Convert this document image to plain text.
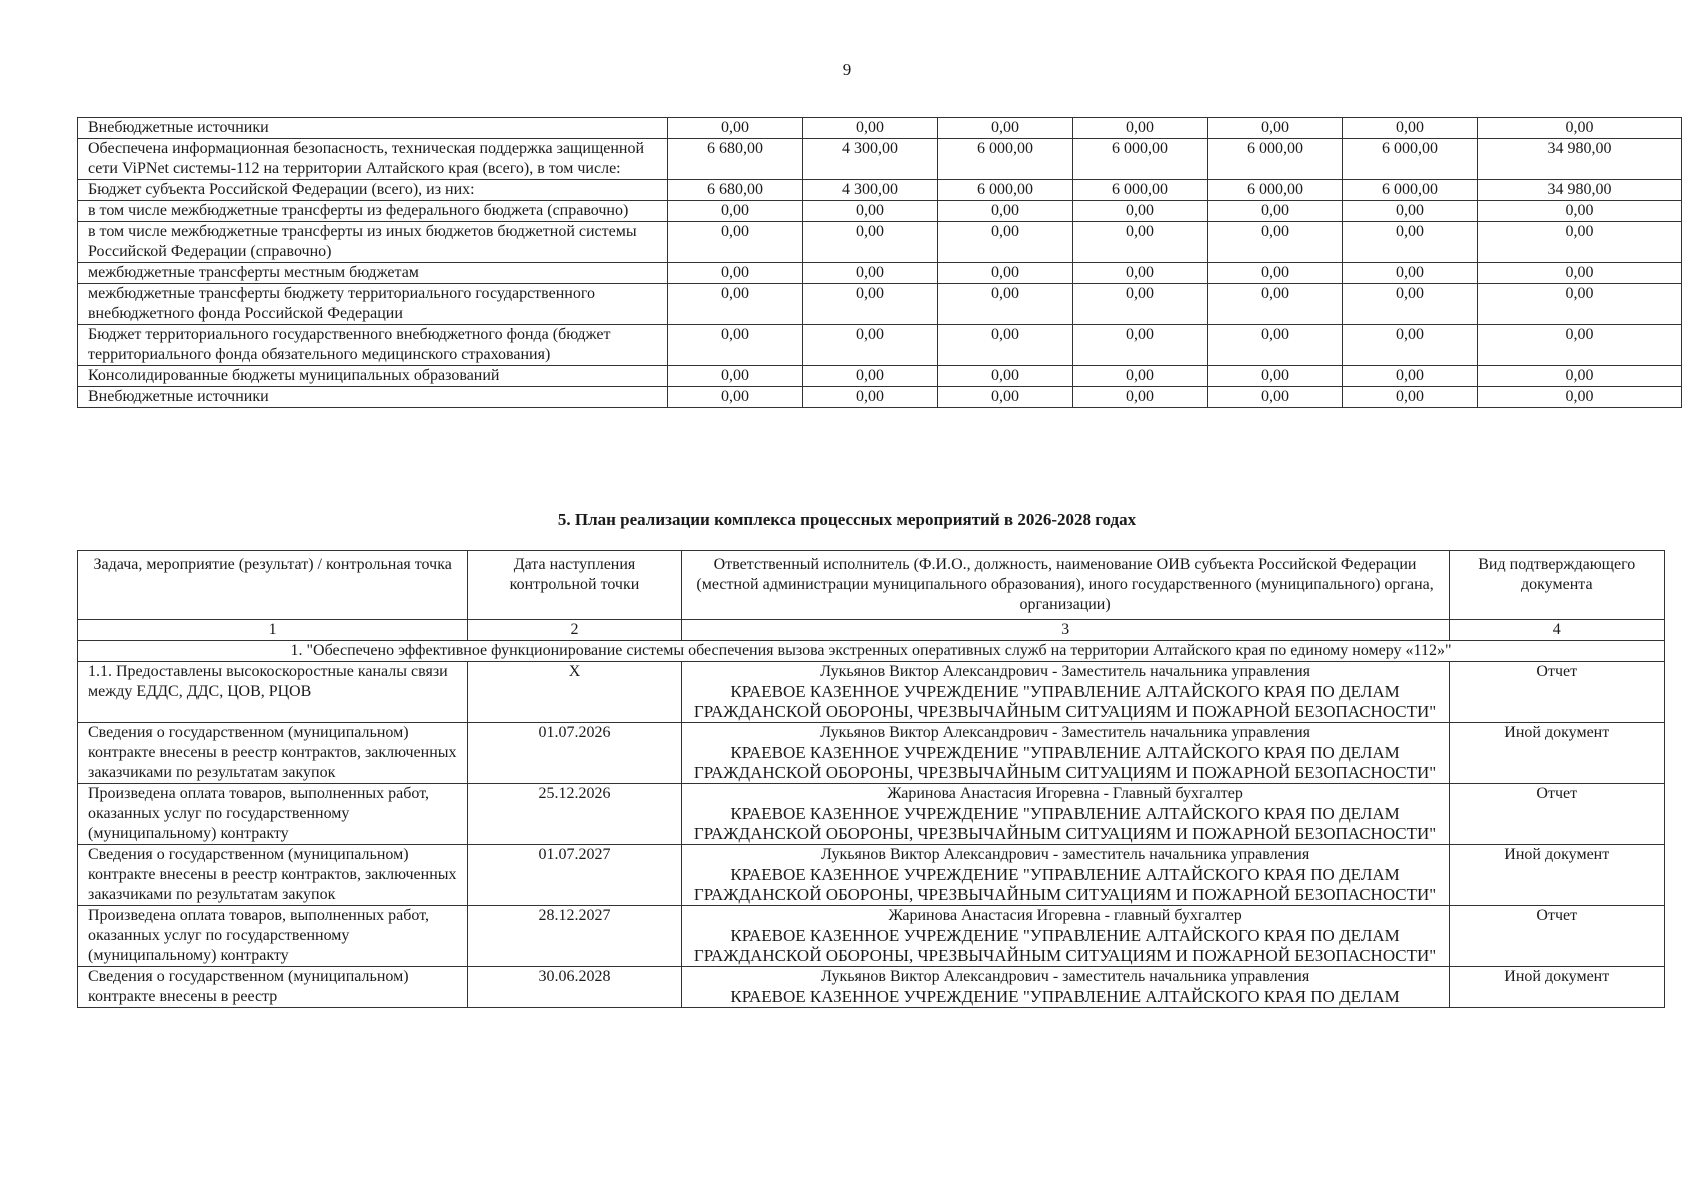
9
Внебюджетные источники	0,00	0,00	0,00	0,00	0,00	0,00	0,00
Обеспечена информационная безопасность, техническая поддержка защищенной сети ViPNet системы-112 на территории Алтайского края (всего), в том числе:	6 680,00	4 300,00	6 000,00	6 000,00	6 000,00	6 000,00	34 980,00
Бюджет субъекта Российской Федерации (всего), из них:	6 680,00	4 300,00	6 000,00	6 000,00	6 000,00	6 000,00	34 980,00
в том числе межбюджетные трансферты из федерального бюджета (справочно)	0,00	0,00	0,00	0,00	0,00	0,00	0,00
в том числе межбюджетные трансферты из иных бюджетов бюджетной системы Российской Федерации (справочно)	0,00	0,00	0,00	0,00	0,00	0,00	0,00
межбюджетные трансферты местным бюджетам	0,00	0,00	0,00	0,00	0,00	0,00	0,00
межбюджетные трансферты бюджету территориального государственного внебюджетного фонда Российской Федерации	0,00	0,00	0,00	0,00	0,00	0,00	0,00
Бюджет территориального государственного внебюджетного фонда (бюджет территориального фонда обязательного медицинского страхования)	0,00	0,00	0,00	0,00	0,00	0,00	0,00
Консолидированные бюджеты муниципальных образований	0,00	0,00	0,00	0,00	0,00	0,00	0,00
Внебюджетные источники	0,00	0,00	0,00	0,00	0,00	0,00	0,00
5. План реализации комплекса процессных мероприятий в 2026-2028 годах
Задача, мероприятие (результат) / контрольная точка	Дата наступления контрольной точки	Ответственный исполнитель (Ф.И.О., должность, наименование ОИВ субъекта Российской Федерации (местной администрации муниципального образования), иного государственного (муниципального) органа, организации)	Вид подтверждающего документа
1	2	3	4
1. "Обеспечено эффективное функционирование системы обеспечения вызова экстренных оперативных служб на территории Алтайского края по единому номеру «112»"			
1.1. Предоставлены высокоскоростные каналы связи между ЕДДС, ДДС, ЦОВ, РЦОВ	X	Лукьянов Виктор Александрович - Заместитель начальника управления
КРАЕВОЕ КАЗЕННОЕ УЧРЕЖДЕНИЕ "УПРАВЛЕНИЕ АЛТАЙСКОГО КРАЯ ПО ДЕЛАМ ГРАЖДАНСКОЙ ОБОРОНЫ, ЧРЕЗВЫЧАЙНЫМ СИТУАЦИЯМ И ПОЖАРНОЙ БЕЗОПАСНОСТИ"	Отчет
Сведения о государственном (муниципальном) контракте внесены в реестр контрактов, заключенных заказчиками по результатам закупок	01.07.2026	Лукьянов Виктор Александрович - Заместитель начальника управления
КРАЕВОЕ КАЗЕННОЕ УЧРЕЖДЕНИЕ "УПРАВЛЕНИЕ АЛТАЙСКОГО КРАЯ ПО ДЕЛАМ ГРАЖДАНСКОЙ ОБОРОНЫ, ЧРЕЗВЫЧАЙНЫМ СИТУАЦИЯМ И ПОЖАРНОЙ БЕЗОПАСНОСТИ"	Иной документ
Произведена оплата товаров, выполненных работ, оказанных услуг по государственному (муниципальному) контракту	25.12.2026	Жаринова Анастасия Игоревна - Главный бухгалтер
КРАЕВОЕ КАЗЕННОЕ УЧРЕЖДЕНИЕ "УПРАВЛЕНИЕ АЛТАЙСКОГО КРАЯ ПО ДЕЛАМ ГРАЖДАНСКОЙ ОБОРОНЫ, ЧРЕЗВЫЧАЙНЫМ СИТУАЦИЯМ И ПОЖАРНОЙ БЕЗОПАСНОСТИ"	Отчет
Сведения о государственном (муниципальном) контракте внесены в реестр контрактов, заключенных заказчиками по результатам закупок	01.07.2027	Лукьянов Виктор Александрович - заместитель начальника управления
КРАЕВОЕ КАЗЕННОЕ УЧРЕЖДЕНИЕ "УПРАВЛЕНИЕ АЛТАЙСКОГО КРАЯ ПО ДЕЛАМ ГРАЖДАНСКОЙ ОБОРОНЫ, ЧРЕЗВЫЧАЙНЫМ СИТУАЦИЯМ И ПОЖАРНОЙ БЕЗОПАСНОСТИ"	Иной документ
Произведена оплата товаров, выполненных работ, оказанных услуг по государственному (муниципальному) контракту	28.12.2027	Жаринова Анастасия Игоревна - главный бухгалтер
КРАЕВОЕ КАЗЕННОЕ УЧРЕЖДЕНИЕ "УПРАВЛЕНИЕ АЛТАЙСКОГО КРАЯ ПО ДЕЛАМ ГРАЖДАНСКОЙ ОБОРОНЫ, ЧРЕЗВЫЧАЙНЫМ СИТУАЦИЯМ И ПОЖАРНОЙ БЕЗОПАСНОСТИ"	Отчет
Сведения о государственном (муниципальном) контракте внесены в реестр	30.06.2028	Лукьянов Виктор Александрович - заместитель начальника управления
КРАЕВОЕ КАЗЕННОЕ УЧРЕЖДЕНИЕ "УПРАВЛЕНИЕ АЛТАЙСКОГО КРАЯ ПО ДЕЛАМ	Иной документ
